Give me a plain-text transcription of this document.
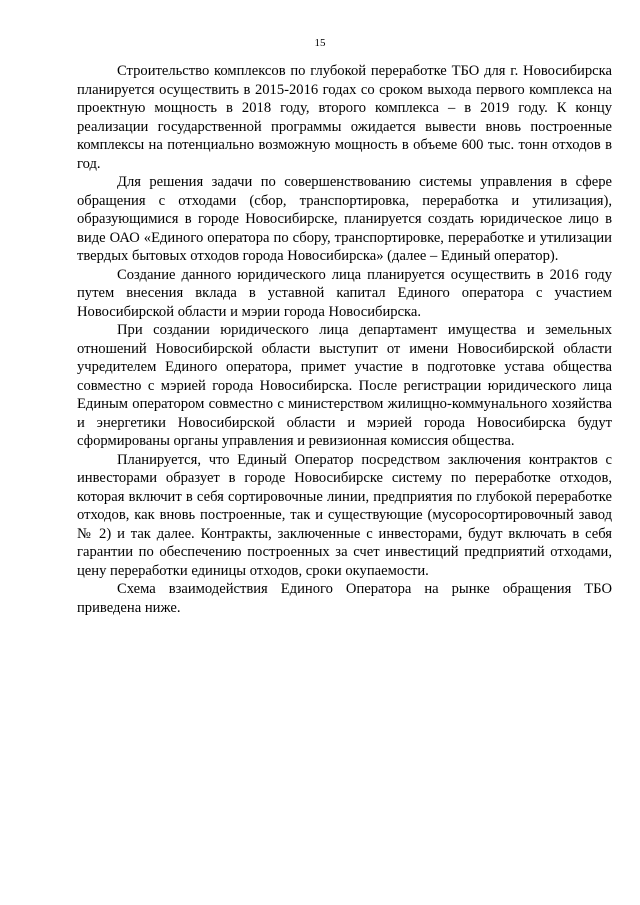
15

Строительство комплексов по глубокой переработке ТБО для г. Новосибирска планируется осуществить в 2015-2016 годах со сроком выхода первого комплекса на проектную мощность в 2018 году, второго комплекса – в 2019 году. К концу реализации государственной программы ожидается вывести вновь построенные комплексы на потенциально возможную мощность в объеме 600 тыс. тонн отходов в год.

Для решения задачи по совершенствованию системы управления в сфере обращения с отходами (сбор, транспортировка, переработка и утилизация), образующимися в городе Новосибирске, планируется создать юридическое лицо в виде ОАО «Единого оператора по сбору, транспортировке, переработке и утилизации твердых бытовых отходов города Новосибирска» (далее – Единый оператор).

Создание данного юридического лица планируется осуществить в 2016 году путем внесения вклада в уставной капитал Единого оператора с участием Новосибирской области и мэрии города Новосибирска.

При создании юридического лица департамент имущества и земельных отношений Новосибирской области выступит от имени Новосибирской области учредителем Единого оператора, примет участие в подготовке устава общества совместно с мэрией города Новосибирска. После регистрации юридического лица Единым оператором совместно с министерством жилищно-коммунального хозяйства и энергетики Новосибирской области и мэрией города Новосибирска будут сформированы органы управления и ревизионная комиссия общества.

Планируется, что Единый Оператор посредством заключения контрактов с инвесторами образует в городе Новосибирске систему по переработке отходов, которая включит в себя сортировочные линии, предприятия по глубокой переработке отходов, как вновь построенные, так и существующие (мусоросортировочный завод № 2) и так далее. Контракты, заключенные с инвесторами, будут включать в себя гарантии по обеспечению построенных за счет инвестиций предприятий отходами, цену переработки единицы отходов, сроки окупаемости.

Схема взаимодействия Единого Оператора на рынке обращения ТБО приведена ниже.
